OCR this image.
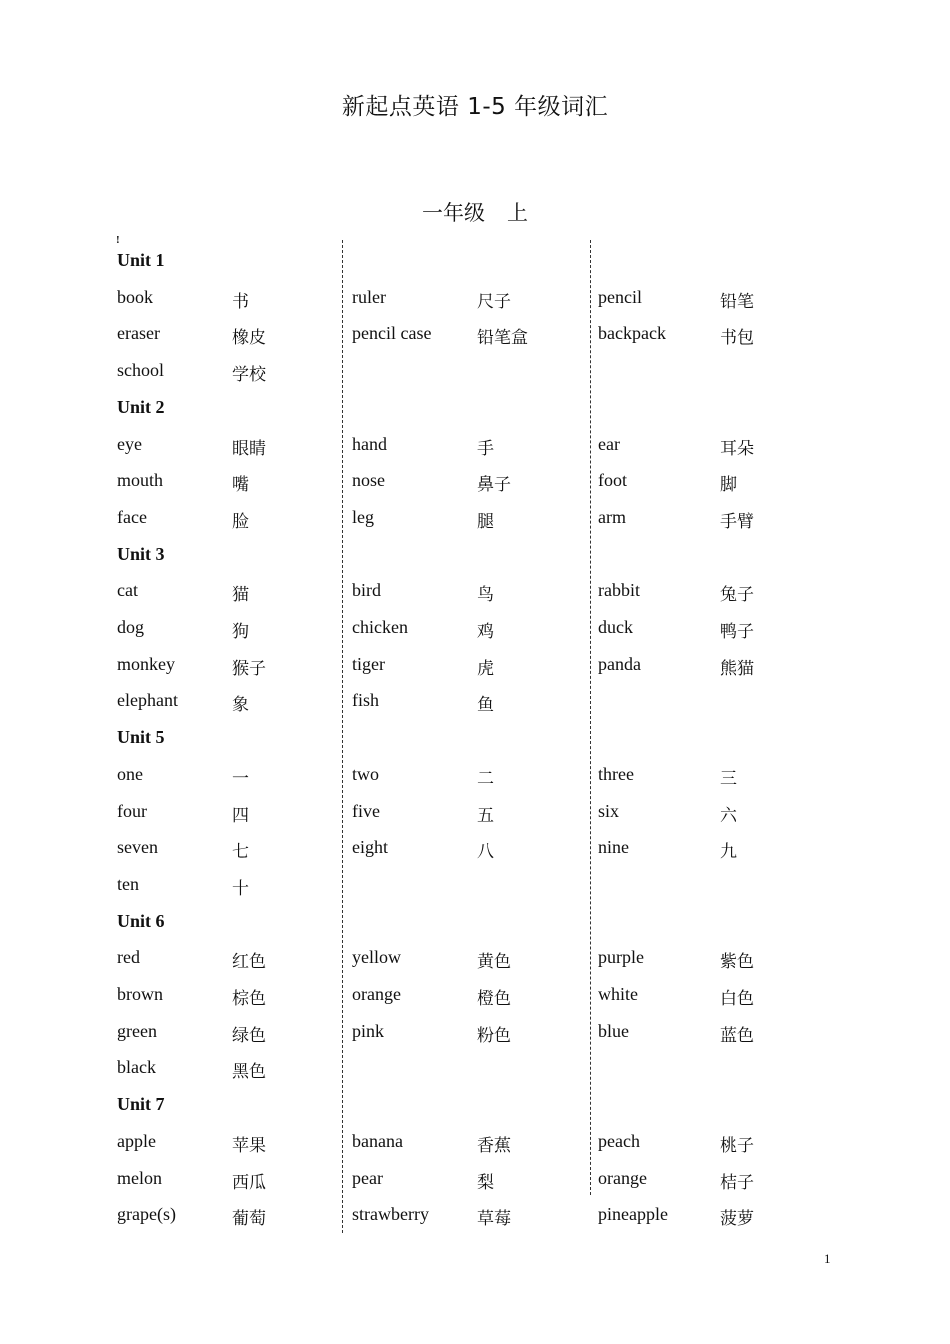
新起点英语 1-5 年级词汇
一年级 上
!
Unit 1
book	书	ruler	尺子	pencil	铅笔
eraser	橡皮	pencil case	铅笔盒	backpack	书包
school	学校
Unit 2
eye	眼睛	hand	手	ear	耳朵
mouth	嘴	nose	鼻子	foot	脚
face	脸	leg	腿	arm	手臂
Unit 3
cat	猫	bird	鸟	rabbit	兔子
dog	狗	chicken	鸡	duck	鸭子
monkey	猴子	tiger	虎	panda	熊猫
elephant	象	fish	鱼
Unit 5
one	一	two	二	three	三
four	四	five	五	six	六
seven	七	eight	八	nine	九
ten	十
Unit 6
red	红色	yellow	黄色	purple	紫色
brown	棕色	orange	橙色	white	白色
green	绿色	pink	粉色	blue	蓝色
black	黑色
Unit 7
apple	苹果	banana	香蕉	peach	桃子
melon	西瓜	pear	梨	orange	桔子
grape(s)	葡萄	strawberry	草莓	pineapple	菠萝
1
